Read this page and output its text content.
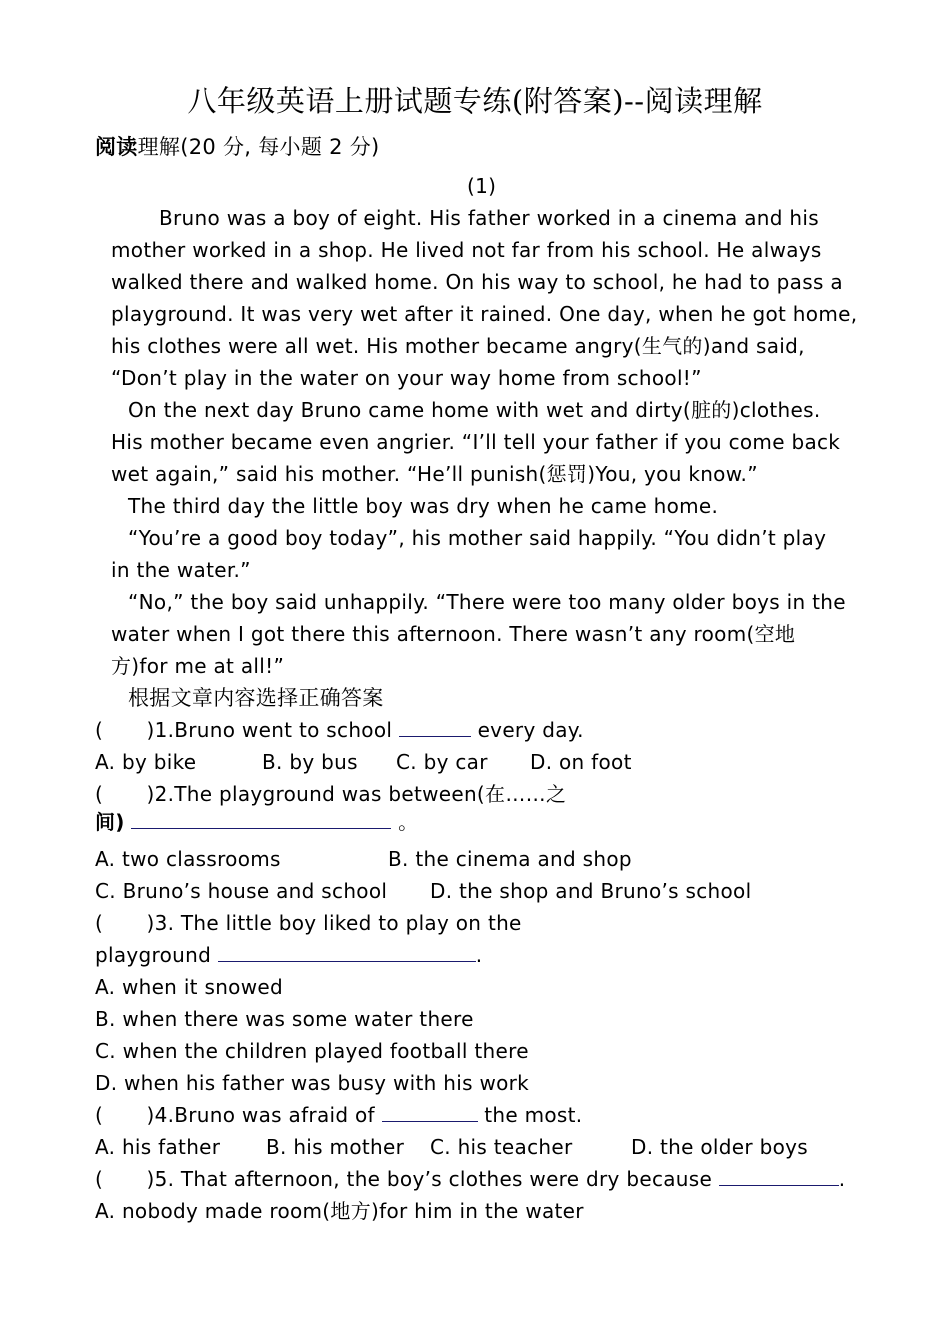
八年级英语上册试题专练(附答案)--阅读理解
阅读理解(20 分, 每小题 2 分)
(1)
Bruno was a boy of eight. His father worked in a cinema and his
mother worked in a shop. He lived not far from his school. He always
walked there and walked home. On his way to school, he had to pass a
playground. It was very wet after it rained. One day, when he got home,
his clothes were all wet. His mother became angry(生气的)and said,
“Don’t play in the water on your way home from school!”
On the next day Bruno came home with wet and dirty(脏的)clothes.
His mother became even angrier. “I’ll tell your father if you come back
wet again,” said his mother. “He’ll punish(惩罚)You, you know.”
The third day the little boy was dry when he came home.
“You’re a good boy today”, his mother said happily. “You didn’t play
in the water.”
“No,” the boy said unhappily. “There were too many older boys in the
water when I got there this afternoon. There wasn’t any room(空地
方)for me at all!”
根据文章内容选择正确答案
( )1.Bruno went to school	every day.
A. by bike	B. by bus C. by car D. on foot
( )2.The playground was between(在……之
间)	。
A. two classrooms	B. the cinema and shop
C. Bruno’s house and school D. the shop and Bruno’s school
( )3. The little boy liked to play on the
playground	.
A. when it snowed
B. when there was some water there
C. when the children played football there
D. when his father was busy with his work
( )4.Bruno was afraid of	the most.
A. his father B. his mother C. his teacher	D. the older boys
( )5. That afternoon, the boy’s clothes were dry because	.
A. nobody made room(地方)for him in the water
